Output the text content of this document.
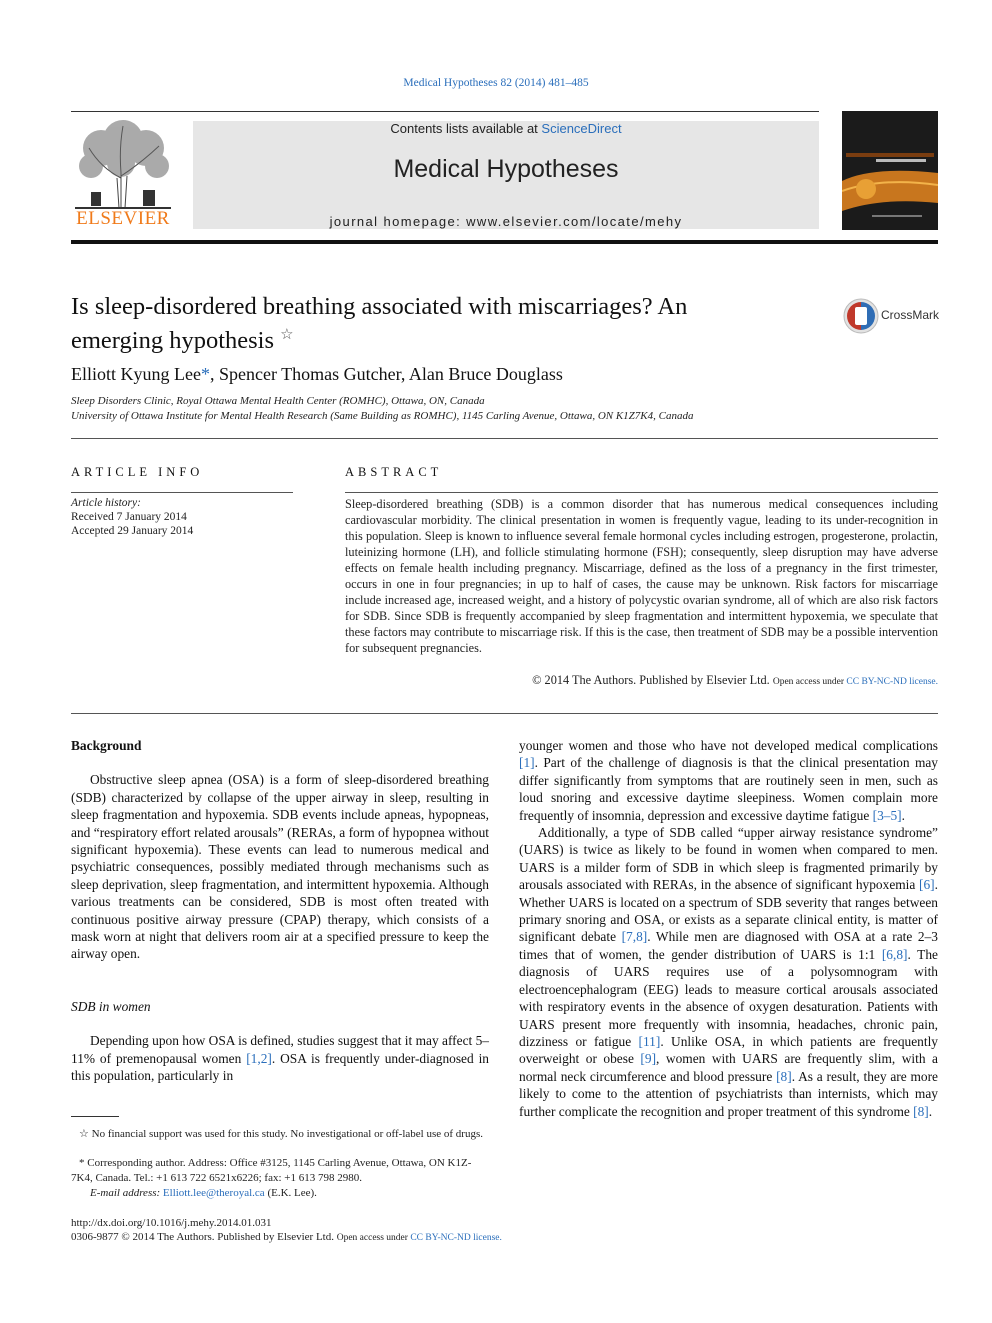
Medical Hypotheses 82 (2014) 481–485
ELSEVIER
Contents lists available at ScienceDirect
Medical Hypotheses
journal homepage: www.elsevier.com/locate/mehy
Is sleep-disordered breathing associated with miscarriages? An
emerging hypothesis ☆
CrossMark
Elliott Kyung Lee*, Spencer Thomas Gutcher, Alan Bruce Douglass
Sleep Disorders Clinic, Royal Ottawa Mental Health Center (ROMHC), Ottawa, ON, Canada
University of Ottawa Institute for Mental Health Research (Same Building as ROMHC), 1145 Carling Avenue, Ottawa, ON K1Z7K4, Canada
ARTICLE INFO
Article history:
Received 7 January 2014
Accepted 29 January 2014
ABSTRACT
Sleep-disordered breathing (SDB) is a common disorder that has numerous medical consequences including cardiovascular morbidity. The clinical presentation in women is frequently vague, leading to its under-recognition in this population. Sleep is known to influence several female hormonal cycles including estrogen, progesterone, prolactin, luteinizing hormone (LH), and follicle stimulating hormone (FSH); consequently, sleep disruption may have adverse effects on female health including pregnancy. Miscarriage, defined as the loss of a pregnancy in the first trimester, occurs in one in four pregnancies; in up to half of cases, the cause may be unknown. Risk factors for miscarriage include increased age, increased weight, and a history of polycystic ovarian syndrome, all of which are also risk factors for SDB. Since SDB is frequently accompanied by sleep fragmentation and intermittent hypoxemia, we speculate that these factors may contribute to miscarriage risk. If this is the case, then treatment of SDB may be a possible intervention for subsequent pregnancies.
© 2014 The Authors. Published by Elsevier Ltd. Open access under CC BY-NC-ND license.

Background

Obstructive sleep apnea (OSA) is a form of sleep-disordered breathing (SDB) characterized by collapse of the upper airway in sleep, resulting in sleep fragmentation and hypoxemia. SDB events include apneas, hypopneas, and “respiratory effort related arousals” (RERAs, a form of hypopnea without significant hypoxemia). These events can lead to numerous medical and psychiatric consequences, possibly mediated through mechanisms such as sleep deprivation, sleep fragmentation, and intermittent hypoxemia. Although various treatments can be considered, SDB is most often treated with continuous positive airway pressure (CPAP) therapy, which consists of a mask worn at night that delivers room air at a specified pressure to keep the airway open.

SDB in women

Depending upon how OSA is defined, studies suggest that it may affect 5–11% of premenopausal women [1,2]. OSA is frequently under-diagnosed in this population, particularly in

☆ No financial support was used for this study. No investigational or off-label use of drugs.
* Corresponding author. Address: Office #3125, 1145 Carling Avenue, Ottawa, ON K1Z-7K4, Canada. Tel.: +1 613 722 6521x6226; fax: +1 613 798 2980.
E-mail address: Elliott.lee@theroyal.ca (E.K. Lee).

younger women and those who have not developed medical complications [1]. Part of the challenge of diagnosis is that the clinical presentation may differ significantly from symptoms that are routinely seen in men, such as loud snoring and excessive daytime sleepiness. Women complain more frequently of insomnia, depression and excessive daytime fatigue [3–5].

Additionally, a type of SDB called “upper airway resistance syndrome” (UARS) is twice as likely to be found in women when compared to men. UARS is a milder form of SDB in which sleep is fragmented primarily by arousals associated with RERAs, in the absence of significant hypoxemia [6]. Whether UARS is located on a spectrum of SDB severity that ranges between primary snoring and OSA, or exists as a separate clinical entity, is matter of significant debate [7,8]. While men are diagnosed with OSA at a rate 2–3 times that of women, the gender distribution of UARS is 1:1 [6,8]. The diagnosis of UARS requires use of a polysomnogram with electroencephalogram (EEG) leads to measure cortical arousals associated with respiratory events in the absence of oxygen desaturation. Patients with UARS present more frequently with insomnia, headaches, chronic pain, dizziness or fatigue [11]. Unlike OSA, in which patients are frequently overweight or obese [9], women with UARS are frequently slim, with a normal neck circumference and blood pressure [8]. As a result, they are more likely to come to the attention of psychiatrists than internists, which may further complicate the recognition and proper treatment of this syndrome [8].

http://dx.doi.org/10.1016/j.mehy.2014.01.031
0306-9877 © 2014 The Authors. Published by Elsevier Ltd. Open access under CC BY-NC-ND license.
